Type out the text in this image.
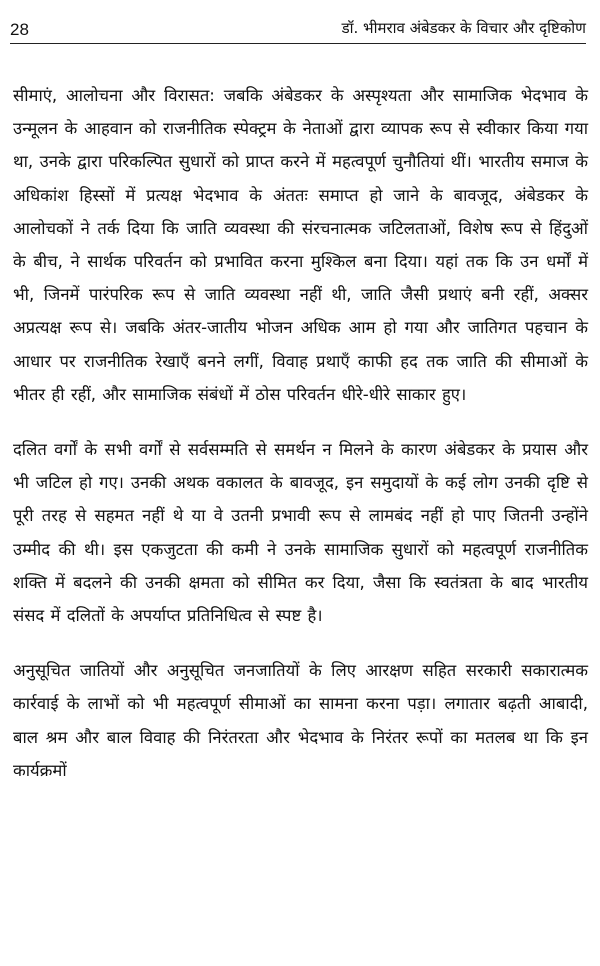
28	डॉ. भीमराव अंबेडकर के विचार और दृष्टिकोण

सीमाएं, आलोचना और विरासत: जबकि अंबेडकर के अस्पृश्यता और सामाजिक भेदभाव के उन्मूलन के आहवान को राजनीतिक स्पेक्ट्रम के नेताओं द्वारा व्यापक रूप से स्वीकार किया गया था, उनके द्वारा परिकल्पित सुधारों को प्राप्त करने में महत्वपूर्ण चुनौतियां थीं। भारतीय समाज के अधिकांश हिस्सों में प्रत्यक्ष भेदभाव के अंततः समाप्त हो जाने के बावजूद, अंबेडकर के आलोचकों ने तर्क दिया कि जाति व्यवस्था की संरचनात्मक जटिलताओं, विशेष रूप से हिंदुओं के बीच, ने सार्थक परिवर्तन को प्रभावित करना मुश्किल बना दिया। यहां तक कि उन धर्मों में भी, जिनमें पारंपरिक रूप से जाति व्यवस्था नहीं थी, जाति जैसी प्रथाएं बनी रहीं, अक्सर अप्रत्यक्ष रूप से। जबकि अंतर-जातीय भोजन अधिक आम हो गया और जातिगत पहचान के आधार पर राजनीतिक रेखाएँ बनने लगीं, विवाह प्रथाएँ काफी हद तक जाति की सीमाओं के भीतर ही रहीं, और सामाजिक संबंधों में ठोस परिवर्तन धीरे-धीरे साकार हुए।

दलित वर्गों के सभी वर्गों से सर्वसम्मति से समर्थन न मिलने के कारण अंबेडकर के प्रयास और भी जटिल हो गए। उनकी अथक वकालत के बावजूद, इन समुदायों के कई लोग उनकी दृष्टि से पूरी तरह से सहमत नहीं थे या वे उतनी प्रभावी रूप से लामबंद नहीं हो पाए जितनी उन्होंने उम्मीद की थी। इस एकजुटता की कमी ने उनके सामाजिक सुधारों को महत्वपूर्ण राजनीतिक शक्ति में बदलने की उनकी क्षमता को सीमित कर दिया, जैसा कि स्वतंत्रता के बाद भारतीय संसद में दलितों के अपर्याप्त प्रतिनिधित्व से स्पष्ट है।

अनुसूचित जातियों और अनुसूचित जनजातियों के लिए आरक्षण सहित सरकारी सकारात्मक कार्रवाई के लाभों को भी महत्वपूर्ण सीमाओं का सामना करना पड़ा। लगातार बढ़ती आबादी, बाल श्रम और बाल विवाह की निरंतरता और भेदभाव के निरंतर रूपों का मतलब था कि इन कार्यक्रमों
